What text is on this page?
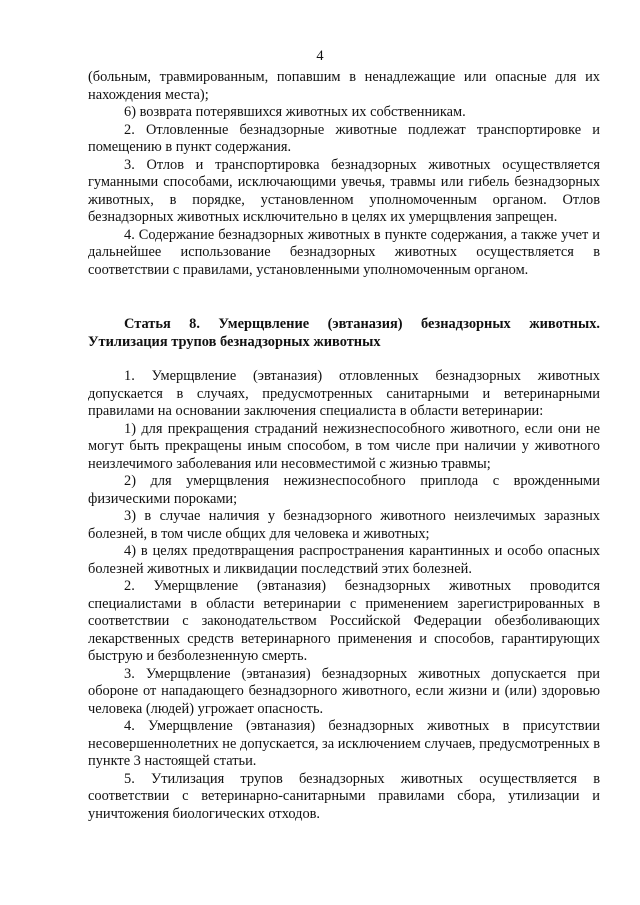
4

(больным, травмированным, попавшим в ненадлежащие или опасные для их нахождения места);

6) возврата потерявшихся животных их собственникам.

2. Отловленные безнадзорные животные подлежат транспортировке и помещению в пункт содержания.

3. Отлов и транспортировка безнадзорных животных осуществляется гуманными способами, исключающими увечья, травмы или гибель безнадзорных животных, в порядке, установленном уполномоченным органом. Отлов безнадзорных животных исключительно в целях их умерщвления запрещен.

4. Содержание безнадзорных животных в пункте содержания, а также учет и дальнейшее использование безнадзорных животных осуществляется в соответствии с правилами, установленными уполномоченным органом.

Статья 8. Умерщвление (эвтаназия) безнадзорных животных. Утилизация трупов безнадзорных животных

1. Умерщвление (эвтаназия) отловленных безнадзорных животных допускается в случаях, предусмотренных санитарными и ветеринарными правилами на основании заключения специалиста в области ветеринарии:

1) для прекращения страданий нежизнеспособного животного, если они не могут быть прекращены иным способом, в том числе при наличии у животного неизлечимого заболевания или несовместимой с жизнью травмы;

2) для умерщвления нежизнеспособного приплода с врожденными физическими пороками;

3) в случае наличия у безнадзорного животного неизлечимых заразных болезней, в том числе общих для человека и животных;

4) в целях предотвращения распространения карантинных и особо опасных болезней животных и ликвидации последствий этих болезней.

2. Умерщвление (эвтаназия) безнадзорных животных проводится специалистами в области ветеринарии с применением зарегистрированных в соответствии с законодательством Российской Федерации обезболивающих лекарственных средств ветеринарного применения и способов, гарантирующих быструю и безболезненную смерть.

3. Умерщвление (эвтаназия) безнадзорных животных допускается при обороне от нападающего безнадзорного животного, если жизни и (или) здоровью человека (людей) угрожает опасность.

4. Умерщвление (эвтаназия) безнадзорных животных в присутствии несовершеннолетних не допускается, за исключением случаев, предусмотренных в пункте 3 настоящей статьи.

5. Утилизация трупов безнадзорных животных осуществляется в соответствии с ветеринарно-санитарными правилами сбора, утилизации и уничтожения биологических отходов.
